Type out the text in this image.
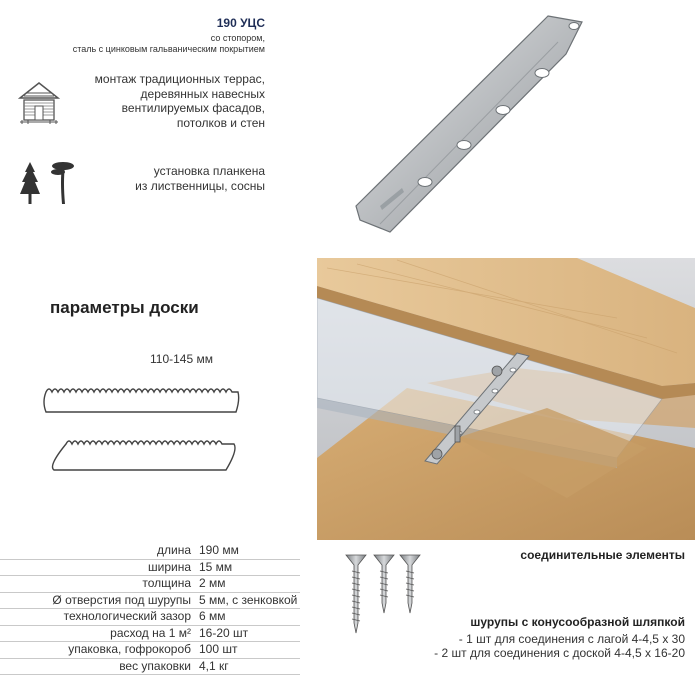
190 УЦС
со стопором,
сталь с цинковым гальваническим покрытием
монтаж традиционных террас,
деревянных навесных
вентилируемых фасадов,
потолков и стен
установка планкена
из лиственницы, сосны
параметры доски
110-145 мм
длина	190 мм
ширина	15 мм
толщина	2 мм
Ø отверстия под шурупы	5 мм, с зенковкой
технологический зазор	6 мм
расход на 1 м²	16-20 шт
упаковка, гофрокороб	100 шт
вес упаковки	4,1 кг
соединительные элементы
шурупы с конусообразной шляпкой
- 1 шт для соединения с лагой 4-4,5 x 30
- 2 шт для соединения с доской 4-4,5 x 16-20
